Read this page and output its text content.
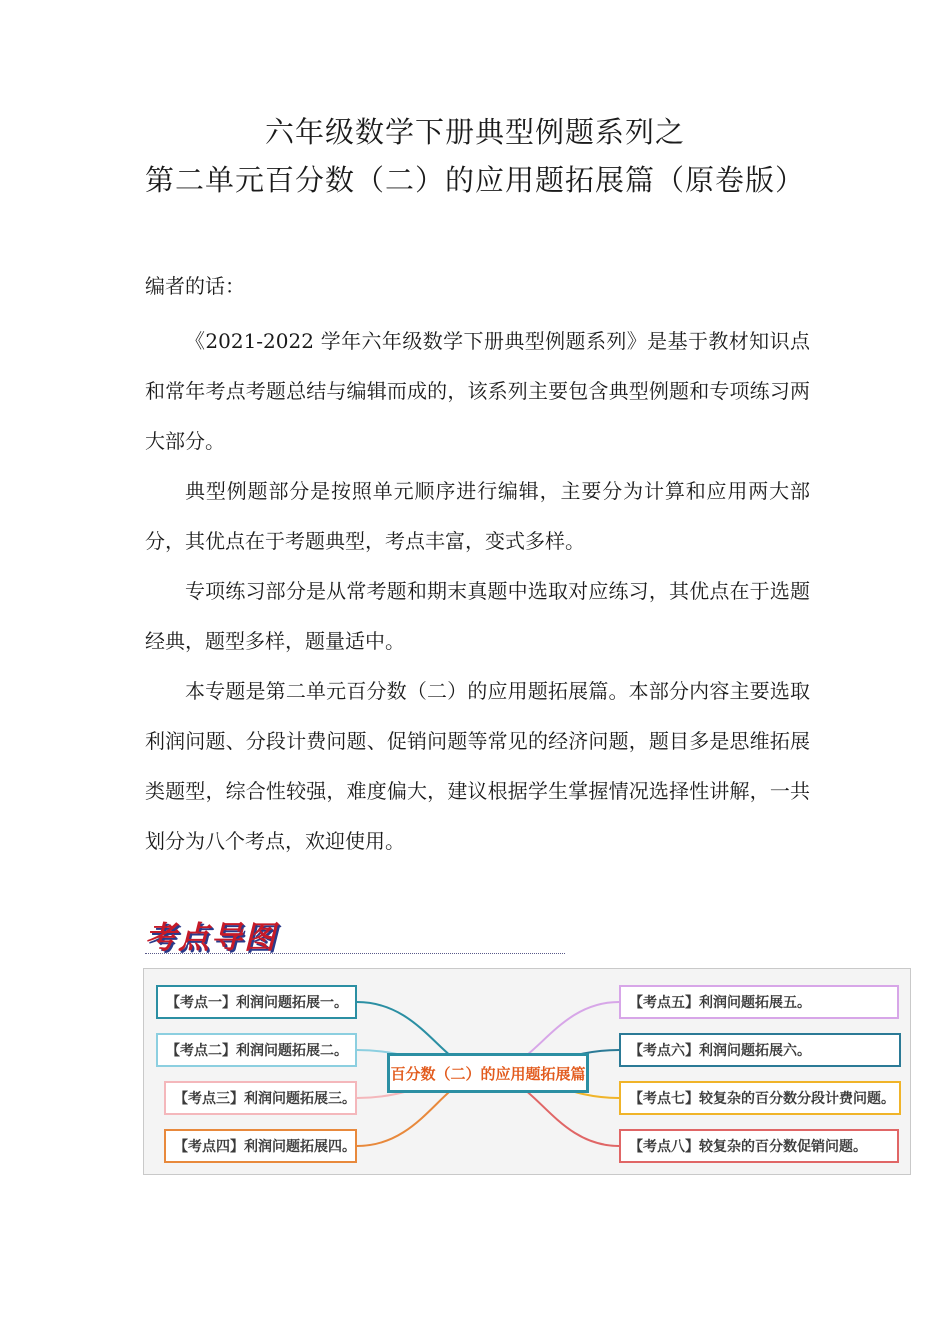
六年级数学下册典型例题系列之
第二单元百分数（二）的应用题拓展篇（原卷版）
编者的话：

《2021-2022 学年六年级数学下册典型例题系列》是基于教材知识点和常年考点考题总结与编辑而成的，该系列主要包含典型例题和专项练习两大部分。

典型例题部分是按照单元顺序进行编辑，主要分为计算和应用两大部分，其优点在于考题典型，考点丰富，变式多样。

专项练习部分是从常考题和期末真题中选取对应练习，其优点在于选题经典，题型多样，题量适中。

本专题是第二单元百分数（二）的应用题拓展篇。本部分内容主要选取利润问题、分段计费问题、促销问题等常见的经济问题，题目多是思维拓展类题型，综合性较强，难度偏大，建议根据学生掌握情况选择性讲解，一共划分为八个考点，欢迎使用。

考点导图
【考点一】利润问题拓展一。
【考点二】利润问题拓展二。
【考点三】利润问题拓展三。
【考点四】利润问题拓展四。
百分数（二）的应用题拓展篇
【考点五】利润问题拓展五。
【考点六】利润问题拓展六。
【考点七】较复杂的百分数分段计费问题。
【考点八】较复杂的百分数促销问题。
